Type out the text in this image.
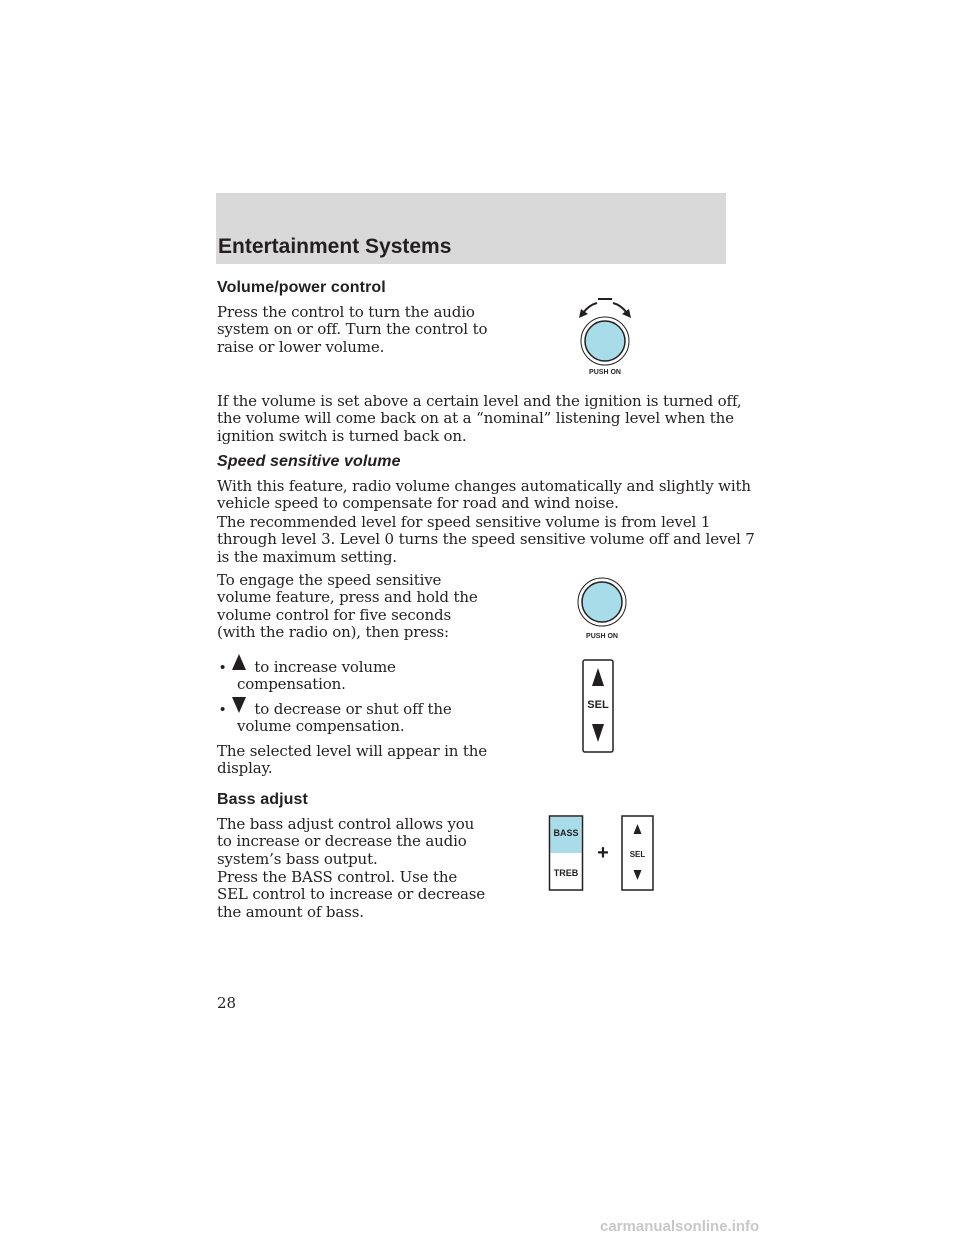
Entertainment Systems
Volume/power control
Press the control to turn the audio
system on or off. Turn the control to
raise or lower volume.
PUSH ON
If the volume is set above a certain level and the ignition is turned off,
the volume will come back on at a “nominal” listening level when the
ignition switch is turned back on.
Speed sensitive volume
With this feature, radio volume changes automatically and slightly with
vehicle speed to compensate for road and wind noise.
The recommended level for speed sensitive volume is from level 1
through level 3. Level 0 turns the speed sensitive volume off and level 7
is the maximum setting.
To engage the speed sensitive
volume feature, press and hold the
volume control for five seconds
(with the radio on), then press:	PUSH ON
• to increase volume
compensation.
• to decrease or shut off the
volume compensation.
The selected level will appear in the
display.
SEL
Bass adjust
The bass adjust control allows you
to increase or decrease the audio
system’s bass output.
Press the BASS control. Use the
SEL control to increase or decrease
the amount of bass.
BASS
TREB
+	SEL
28
carmanualsonline.info
